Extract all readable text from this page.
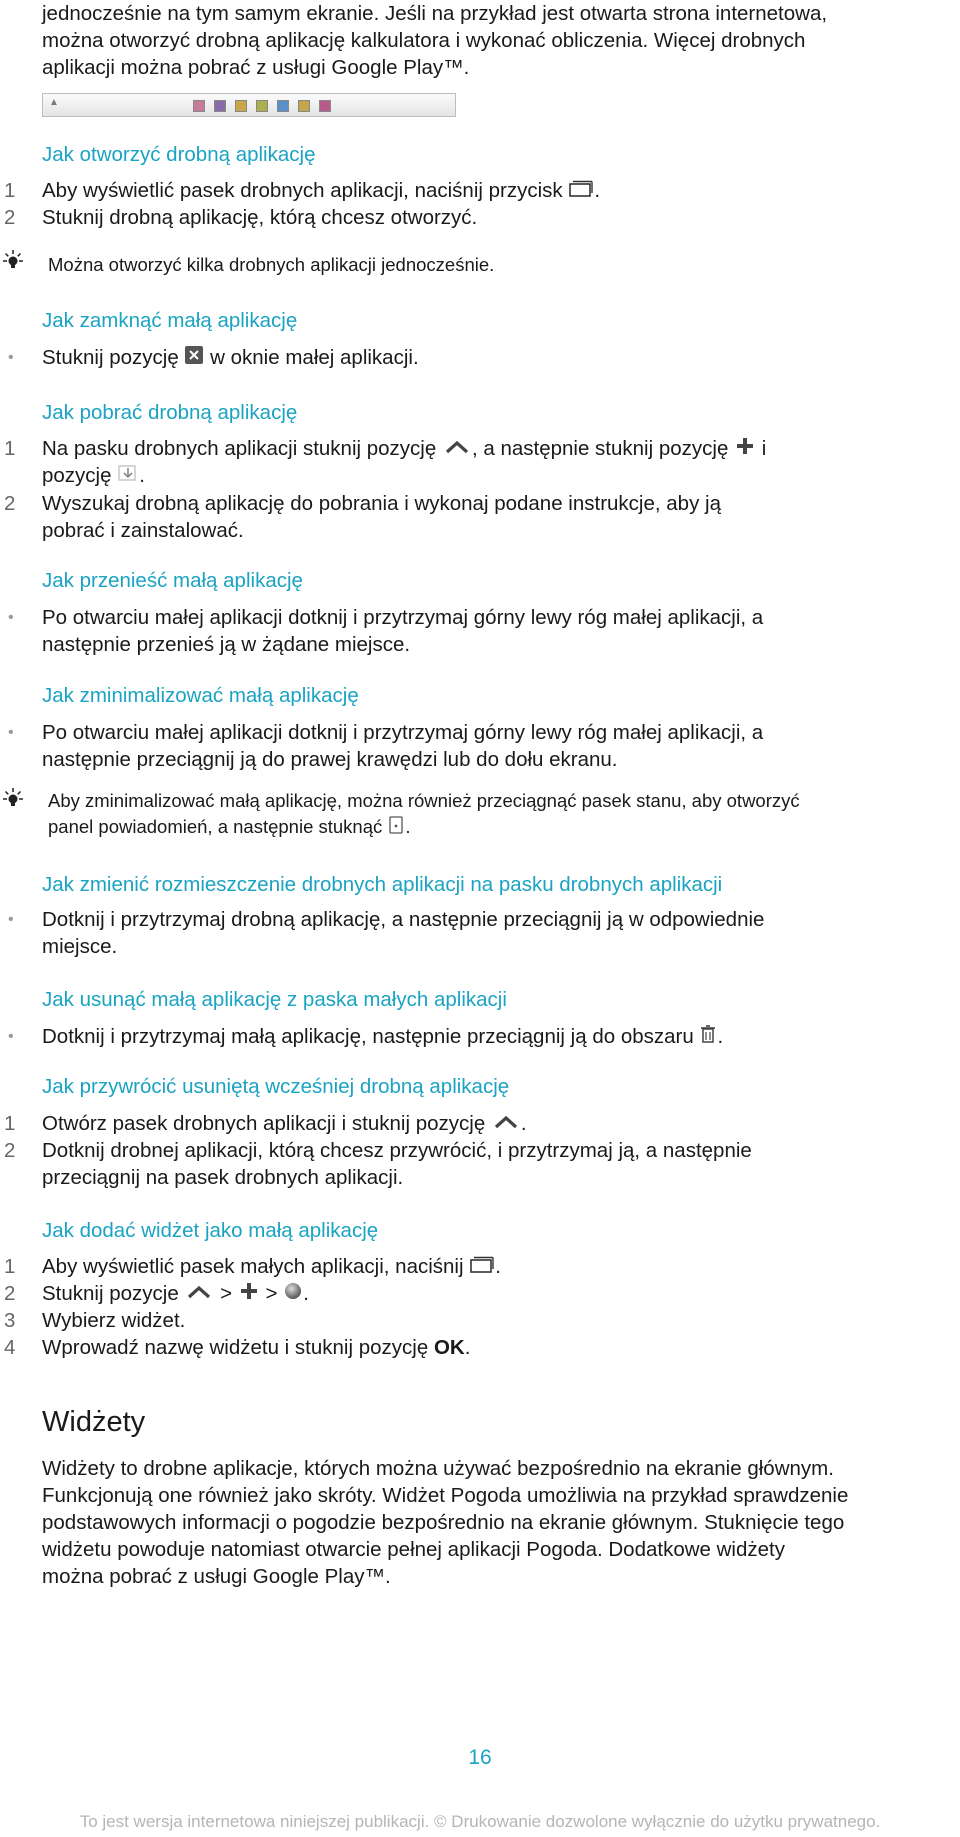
jednocześnie na tym samym ekranie. Jeśli na przykład jest otwarta strona internetowa,
można otworzyć drobną aplikację kalkulatora i wykonać obliczenia. Więcej drobnych
aplikacji można pobrać z usługi Google Play™.
▲
Jak otworzyć drobną aplikację
1	Aby wyświetlić pasek drobnych aplikacji, naciśnij przycisk .
2	Stuknij drobną aplikację, którą chcesz otworzyć.
Można otworzyć kilka drobnych aplikacji jednocześnie.
Jak zamknąć małą aplikację
• Stuknij pozycję  w oknie małej aplikacji.
Jak pobrać drobną aplikację
1	Na pasku drobnych aplikacji stuknij pozycję , a następnie stuknij pozycję  i
pozycję .
2	Wyszukaj drobną aplikację do pobrania i wykonaj podane instrukcje, aby ją
pobrać i zainstalować.
Jak przenieść małą aplikację
• Po otwarciu małej aplikacji dotknij i przytrzymaj górny lewy róg małej aplikacji, a
następnie przenieś ją w żądane miejsce.
Jak zminimalizować małą aplikację
• Po otwarciu małej aplikacji dotknij i przytrzymaj górny lewy róg małej aplikacji, a
następnie przeciągnij ją do prawej krawędzi lub do dołu ekranu.
Aby zminimalizować małą aplikację, można również przeciągnąć pasek stanu, aby otworzyć
panel powiadomień, a następnie stuknąć .
Jak zmienić rozmieszczenie drobnych aplikacji na pasku drobnych aplikacji
• Dotknij i przytrzymaj drobną aplikację, a następnie przeciągnij ją w odpowiednie
miejsce.
Jak usunąć małą aplikację z paska małych aplikacji
• Dotknij i przytrzymaj małą aplikację, następnie przeciągnij ją do obszaru .
Jak przywrócić usuniętą wcześniej drobną aplikację
1	Otwórz pasek drobnych aplikacji i stuknij pozycję .
2	Dotknij drobnej aplikacji, którą chcesz przywrócić, i przytrzymaj ją, a następnie
przeciągnij na pasek drobnych aplikacji.
Jak dodać widżet jako małą aplikację
1	Aby wyświetlić pasek małych aplikacji, naciśnij .
2	Stuknij pozycje  >  > .
3	Wybierz widżet.
4	Wprowadź nazwę widżetu i stuknij pozycję OK.
Widżety
Widżety to drobne aplikacje, których można używać bezpośrednio na ekranie głównym.
Funkcjonują one również jako skróty. Widżet Pogoda umożliwia na przykład sprawdzenie
podstawowych informacji o pogodzie bezpośrednio na ekranie głównym. Stuknięcie tego
widżetu powoduje natomiast otwarcie pełnej aplikacji Pogoda. Dodatkowe widżety
można pobrać z usługi Google Play™.
16
To jest wersja internetowa niniejszej publikacji. © Drukowanie dozwolone wyłącznie do użytku prywatnego.
